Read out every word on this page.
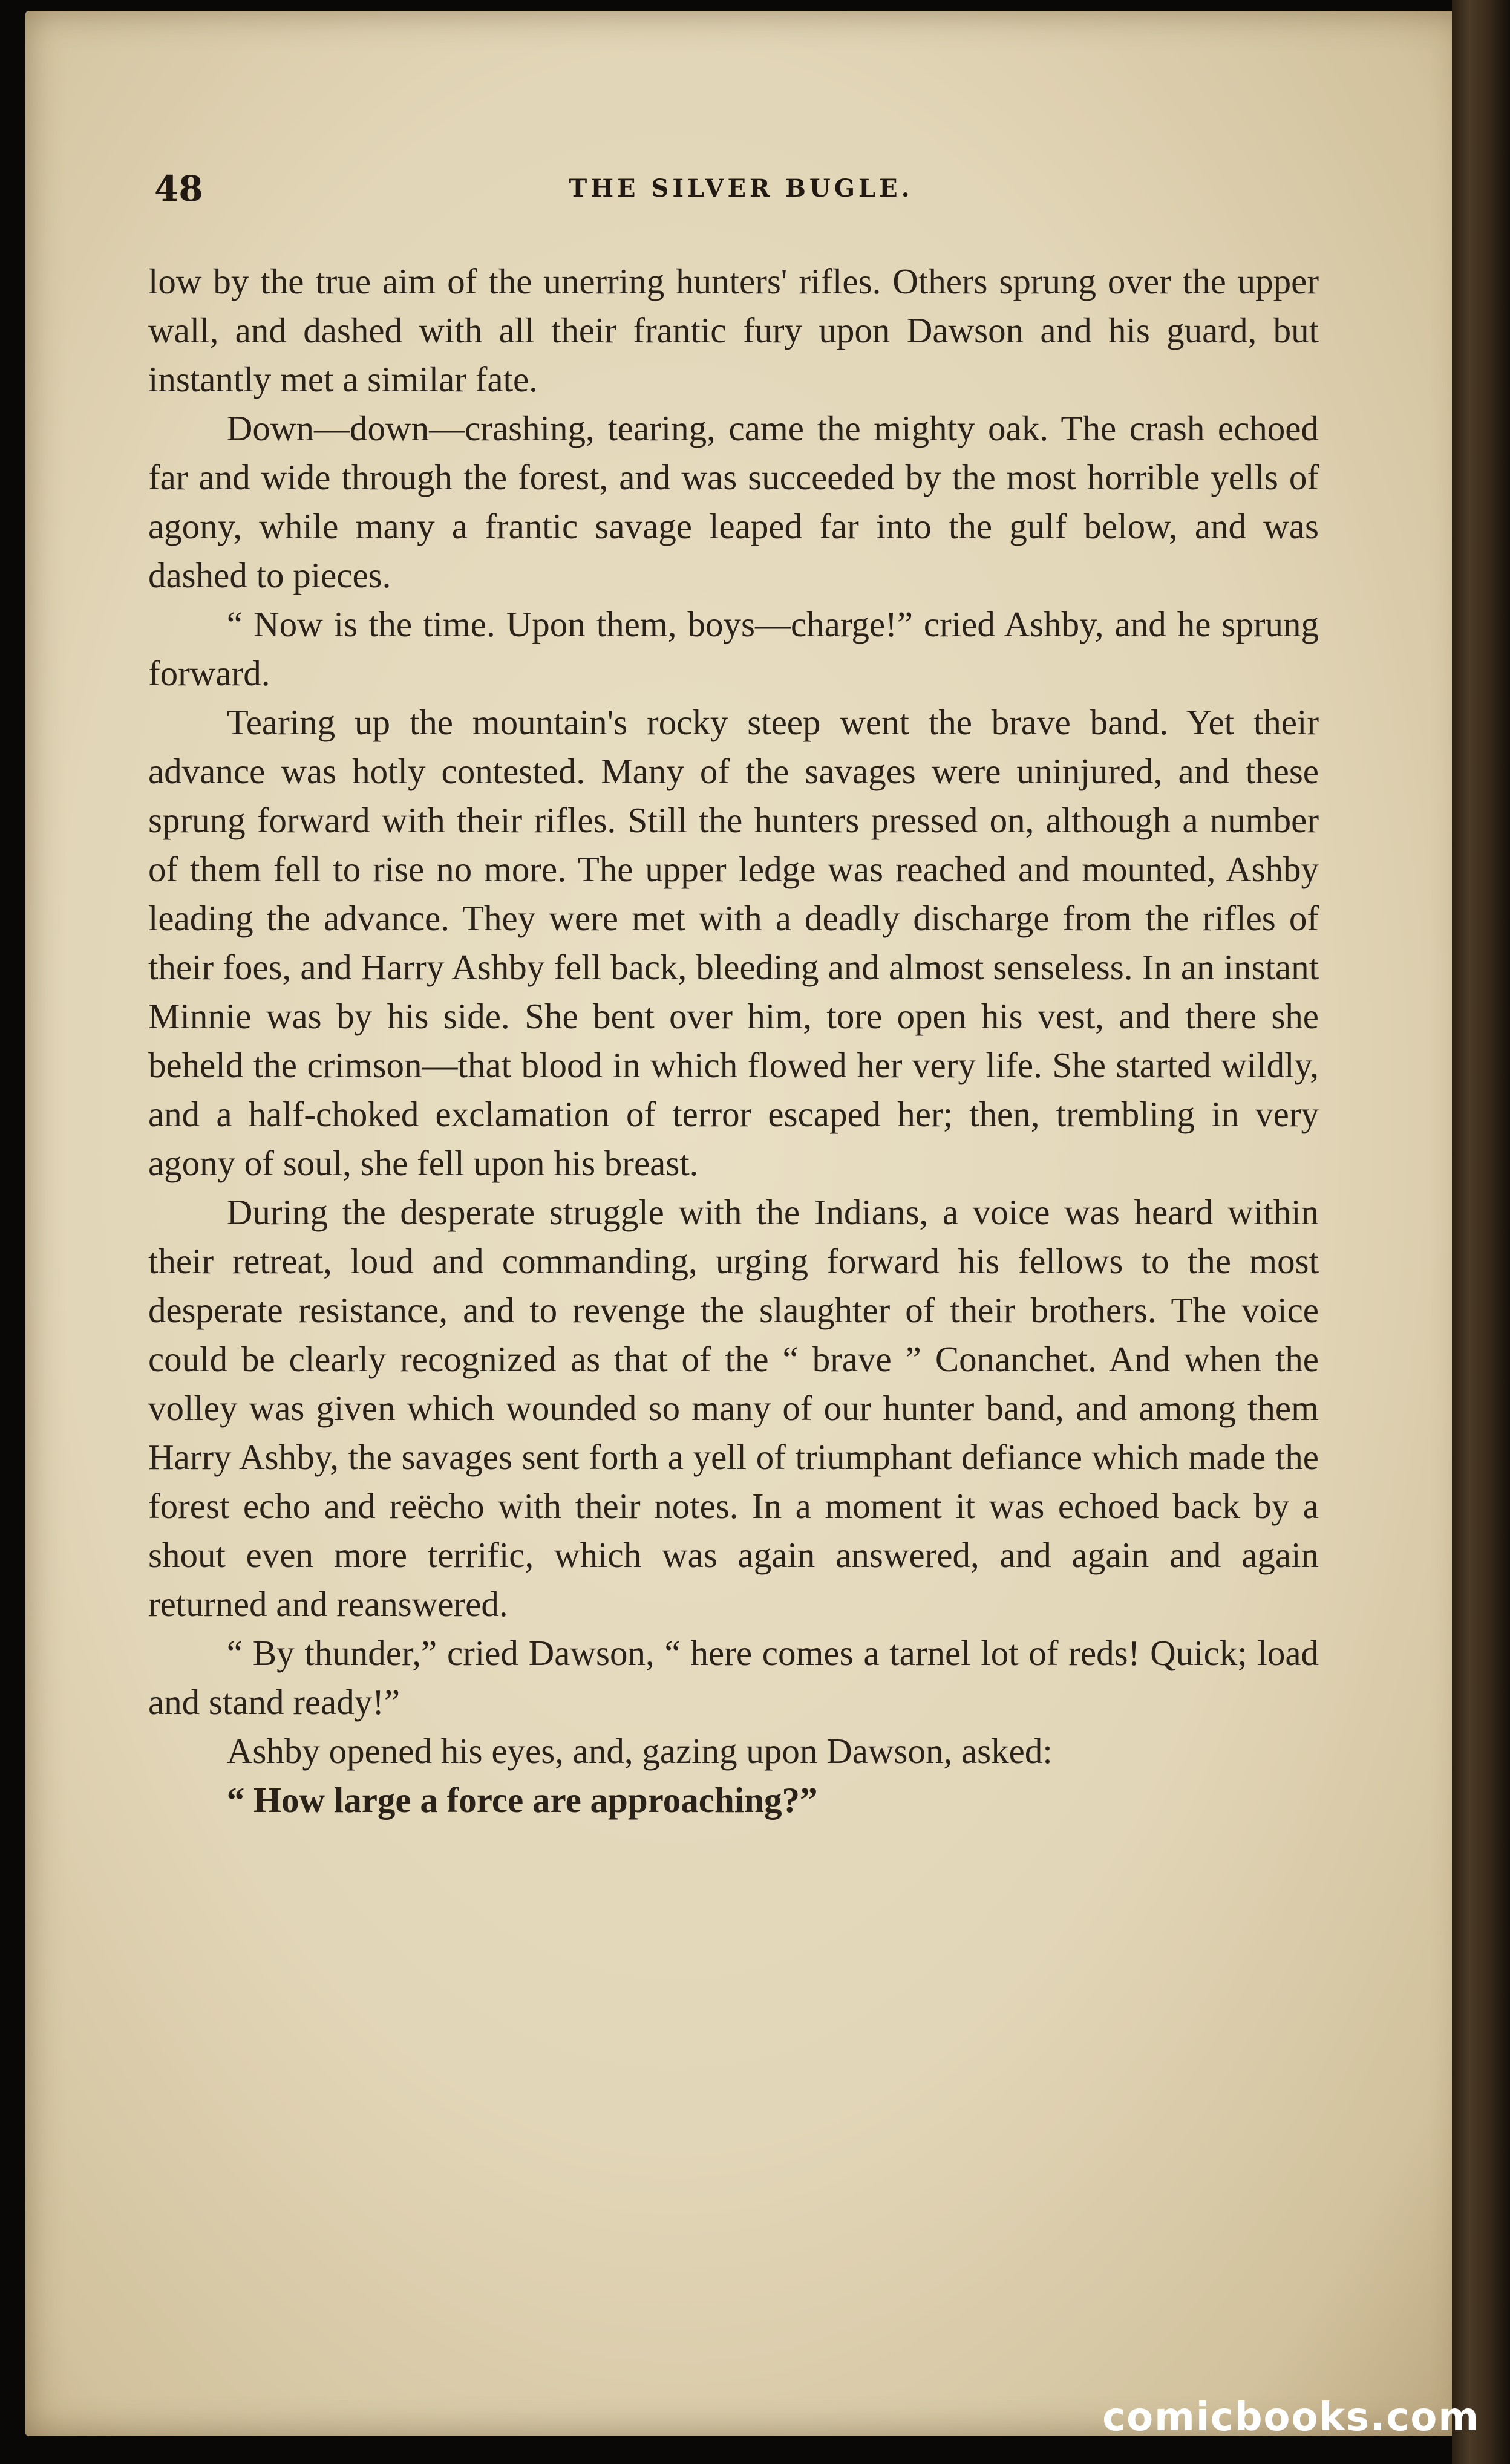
48	THE SILVER BUGLE.

low by the true aim of the unerring hunters' rifles. Others sprung over the upper wall, and dashed with all their frantic fury upon Dawson and his guard, but instantly met a similar fate.

Down—down—crashing, tearing, came the mighty oak. The crash echoed far and wide through the forest, and was succeeded by the most horrible yells of agony, while many a frantic savage leaped far into the gulf below, and was dashed to pieces.

“ Now is the time. Upon them, boys—charge!” cried Ashby, and he sprung forward.

Tearing up the mountain's rocky steep went the brave band. Yet their advance was hotly contested. Many of the savages were uninjured, and these sprung forward with their rifles. Still the hunters pressed on, although a number of them fell to rise no more. The upper ledge was reached and mounted, Ashby leading the advance. They were met with a deadly discharge from the rifles of their foes, and Harry Ashby fell back, bleeding and almost senseless. In an instant Minnie was by his side. She bent over him, tore open his vest, and there she beheld the crimson—that blood in which flowed her very life. She started wildly, and a half-choked exclamation of terror escaped her; then, trembling in very agony of soul, she fell upon his breast.

During the desperate struggle with the Indians, a voice was heard within their retreat, loud and commanding, urging forward his fellows to the most desperate resistance, and to revenge the slaughter of their brothers. The voice could be clearly recognized as that of the “ brave ” Conanchet. And when the volley was given which wounded so many of our hunter band, and among them Harry Ashby, the savages sent forth a yell of triumphant defiance which made the forest echo and reëcho with their notes. In a moment it was echoed back by a shout even more terrific, which was again answered, and again and again returned and reanswered.

“ By thunder,” cried Dawson, “ here comes a tarnel lot of reds! Quick; load and stand ready!”

Ashby opened his eyes, and, gazing upon Dawson, asked:

“ How large a force are approaching?”

comicbooks.com
